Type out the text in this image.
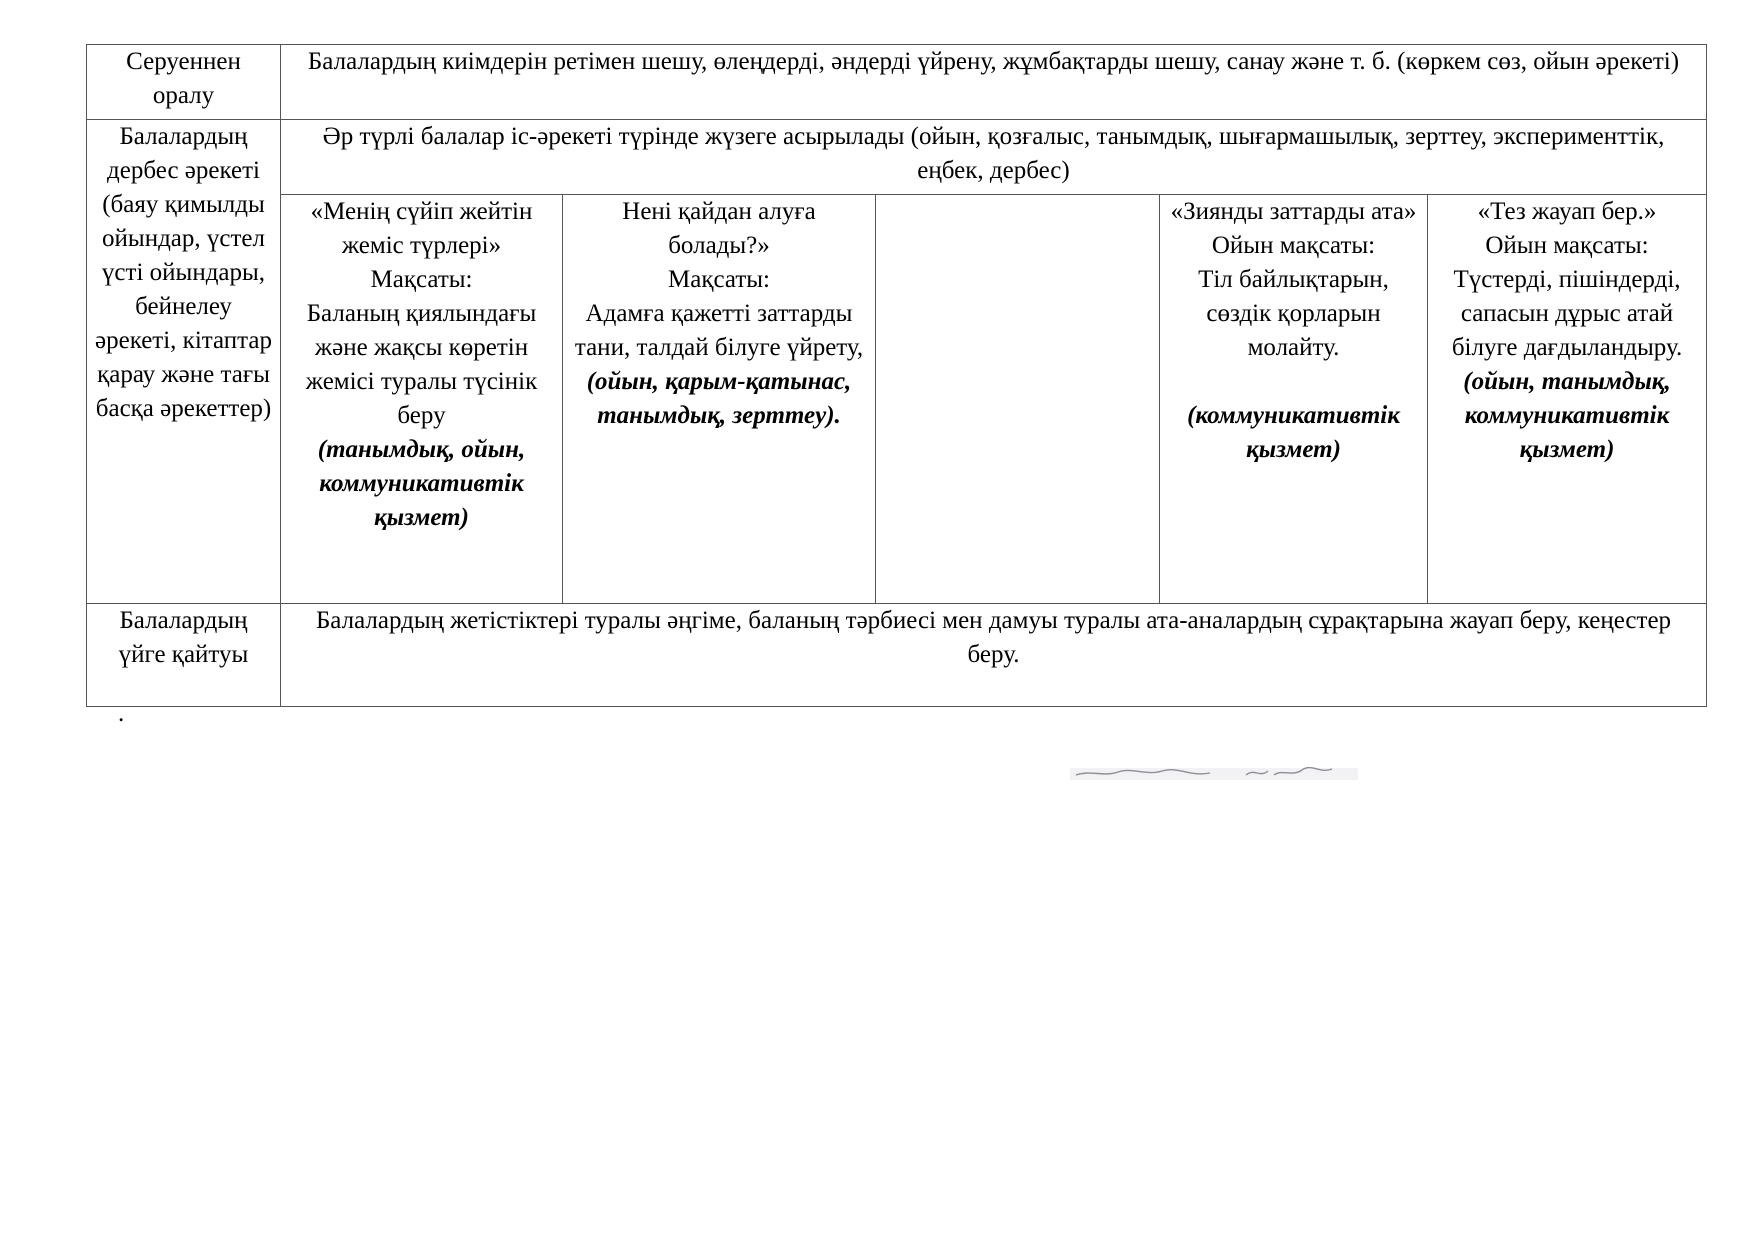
Серуеннен оралу	Балалардың киімдерін ретімен шешу, өлеңдерді, әндерді үйрену, жұмбақтарды шешу, санау және т. б. (көркем сөз, ойын әрекеті)				
Балалардың дербес әрекеті (баяу қимылды ойындар, үстел үсті ойындары, бейнелеу әрекеті, кітаптар қарау және тағы басқа әрекеттер)	Әр түрлі балалар іс-әрекеті түрінде жүзеге асырылады (ойын, қозғалыс, танымдық, шығармашылық, зерттеу, эксперименттік, еңбек, дербес)				

	«Менің сүйіп жейтін жеміс түрлері»
Мақсаты:
Баланың қиялындағы және жақсы көретін жемісі туралы түсінік беру
(танымдық, ойын, коммуникативтік қызмет)	Нені қайдан алуға болады?»
Мақсаты:
Адамға қажетті заттарды тани, талдай білуге үйрету,
(ойын, қарым-қатынас, танымдық, зерттеу).		«Зиянды заттарды ата»
Ойын мақсаты:
Тіл байлықтарын, сөздік қорларын молайту.
(коммуникативтік қызмет)	«Тез жауап бер.»
Ойын мақсаты:
Түстерді, пішіндерді, сапасын дұрыс атай білуге дағдыландыру.
(ойын, танымдық, коммуникативтік қызмет)

Балалардың үйге қайтуы	Балалардың жетістіктері туралы әңгіме, баланың тәрбиесі мен дамуы туралы ата-аналардың сұрақтарына жауап беру, кеңестер беру.				
.
